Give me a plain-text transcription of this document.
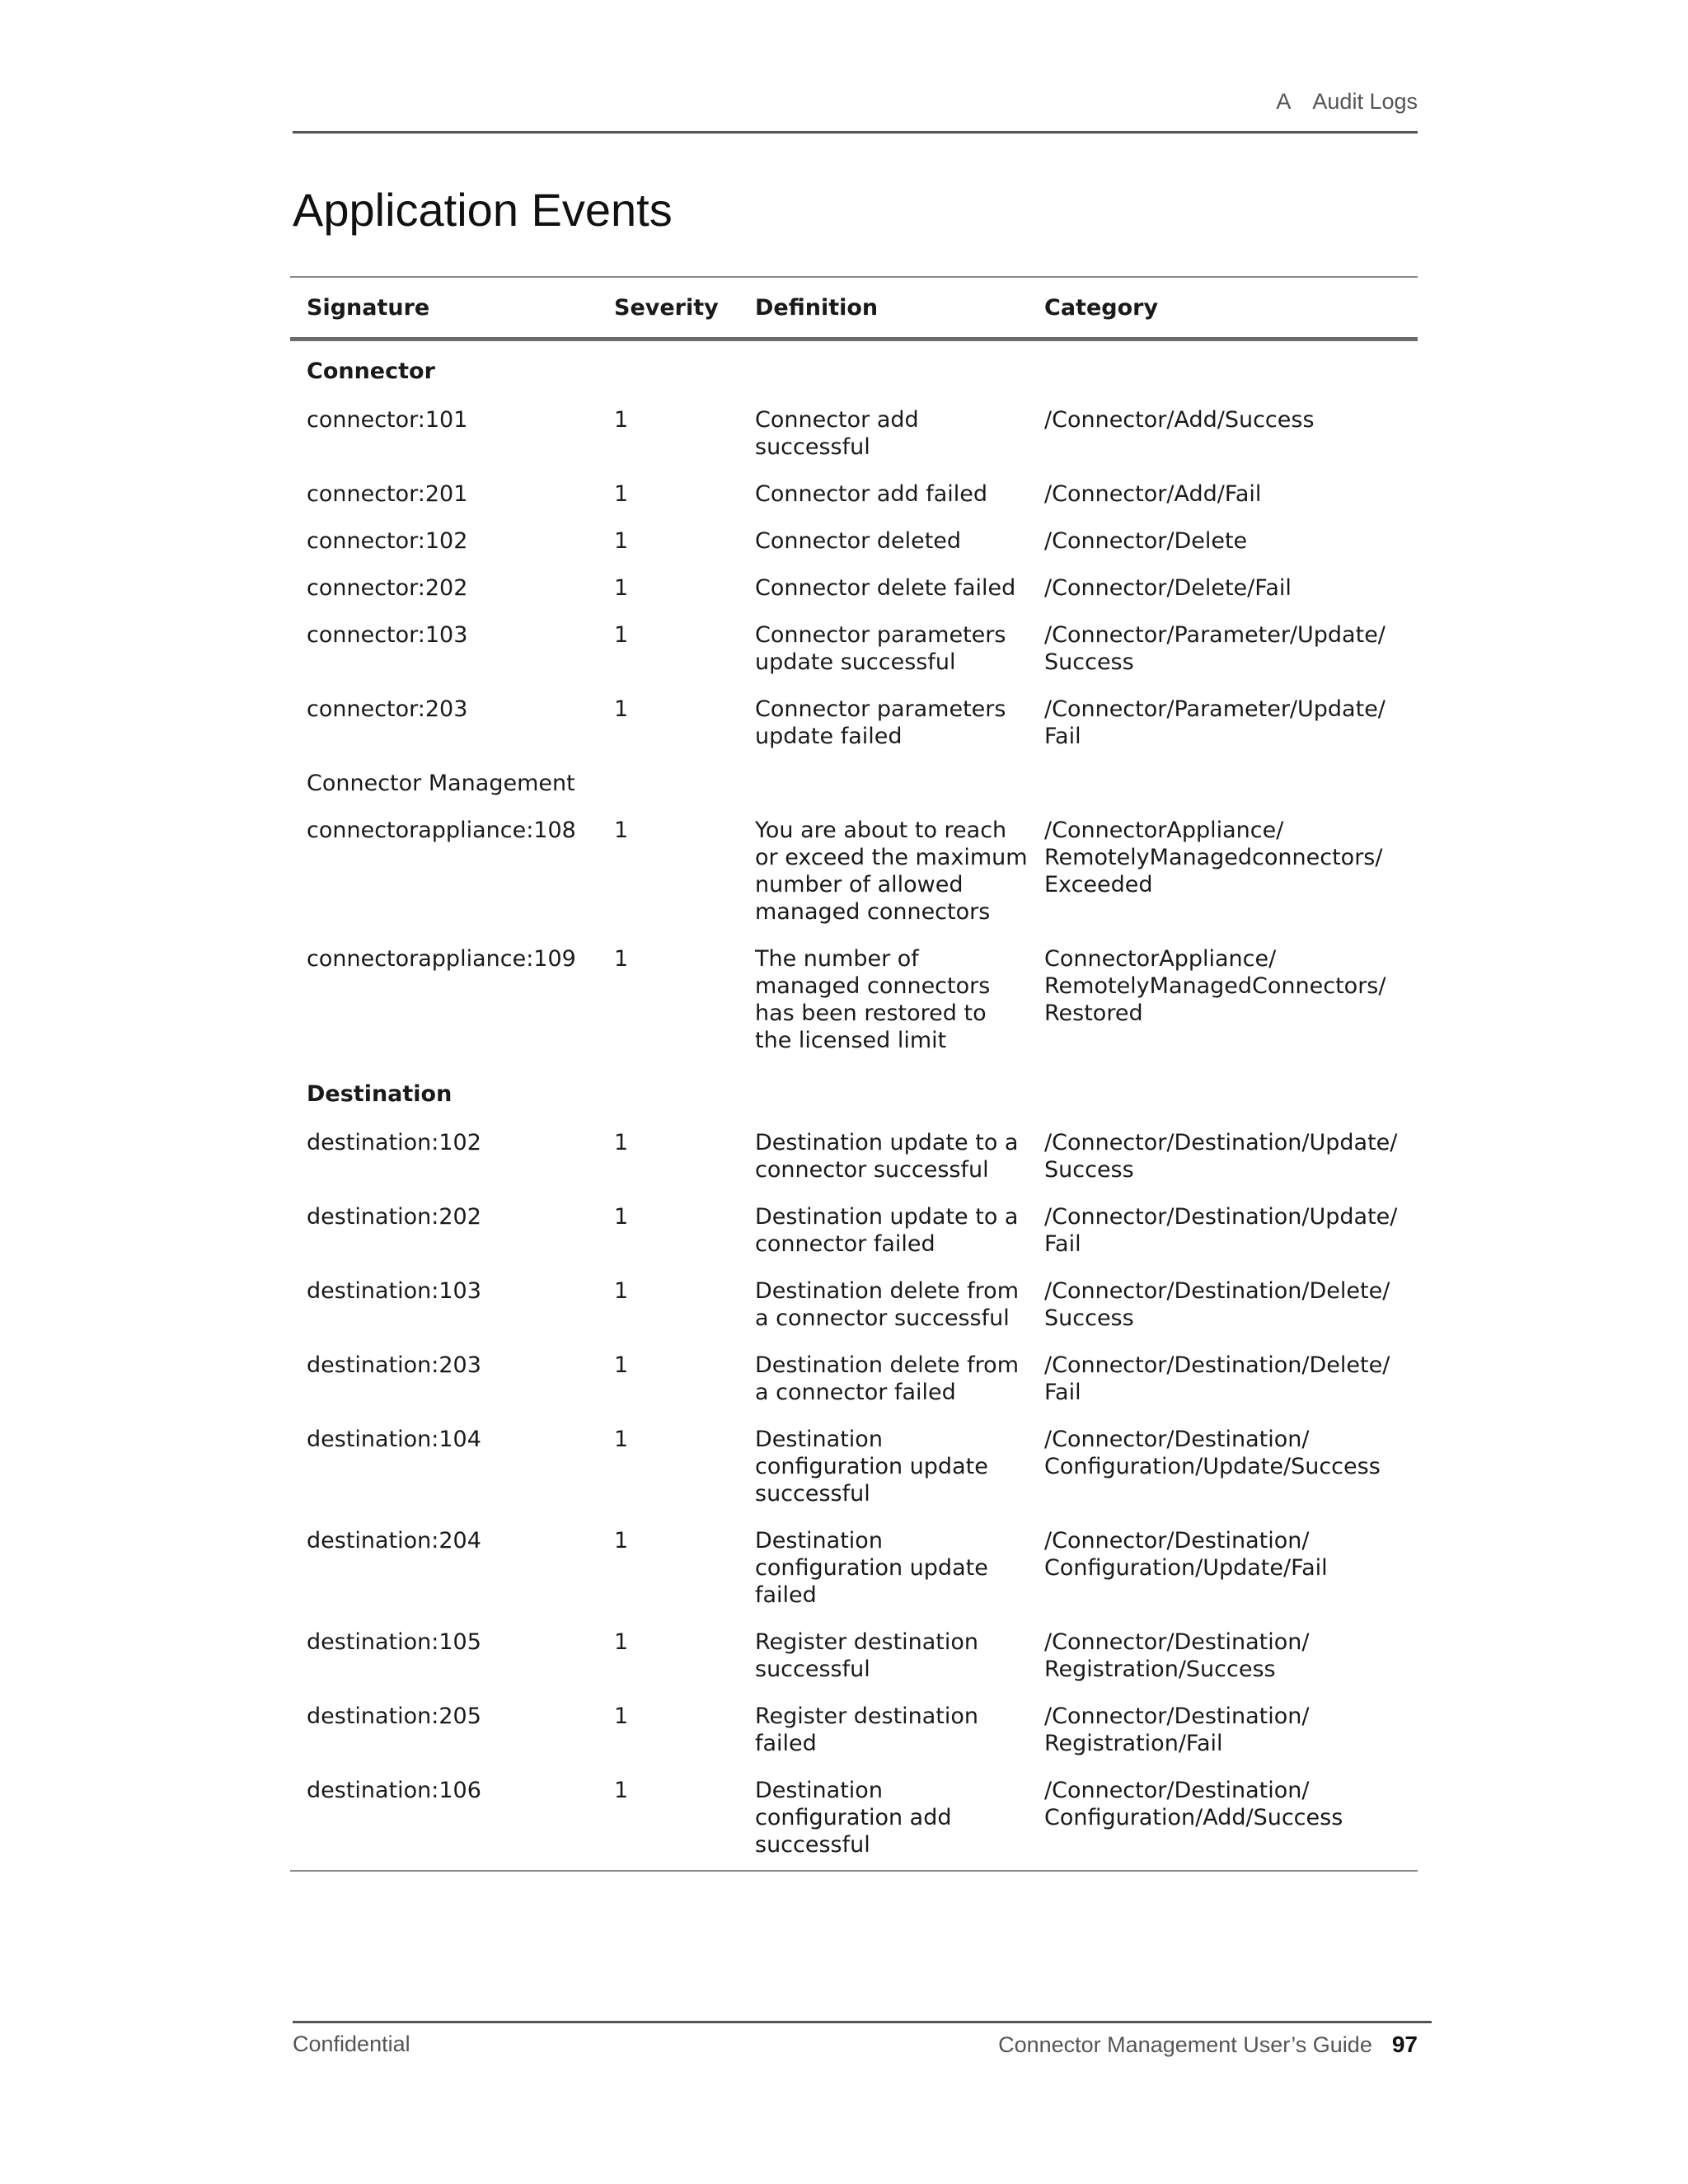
A Audit Logs
Application Events
Signature	Severity	Definition	Category
Connector			
connector:101	1	Connector add successful	/Connector/Add/Success
connector:201	1	Connector add failed	/Connector/Add/Fail
connector:102	1	Connector deleted	/Connector/Delete
connector:202	1	Connector delete failed	/Connector/Delete/Fail
connector:103	1	Connector parameters update successful	/Connector/Parameter/Update/ Success
connector:203	1	Connector parameters update failed	/Connector/Parameter/Update/ Fail
Connector Management			
connectorappliance:108	1	You are about to reach or exceed the maximum number of allowed managed connectors	/ConnectorAppliance/ RemotelyManagedconnectors/ Exceeded
connectorappliance:109	1	The number of managed connectors has been restored to the licensed limit	ConnectorAppliance/ RemotelyManagedConnectors/ Restored
Destination			
destination:102	1	Destination update to a connector successful	/Connector/Destination/Update/ Success
destination:202	1	Destination update to a connector failed	/Connector/Destination/Update/ Fail
destination:103	1	Destination delete from a connector successful	/Connector/Destination/Delete/ Success
destination:203	1	Destination delete from a connector failed	/Connector/Destination/Delete/ Fail
destination:104	1	Destination configuration update successful	/Connector/Destination/ Configuration/Update/Success
destination:204	1	Destination configuration update failed	/Connector/Destination/ Configuration/Update/Fail
destination:105	1	Register destination successful	/Connector/Destination/ Registration/Success
destination:205	1	Register destination failed	/Connector/Destination/ Registration/Fail
destination:106	1	Destination configuration add successful	/Connector/Destination/ Configuration/Add/Success
Confidential	Connector Management User’s Guide 97
